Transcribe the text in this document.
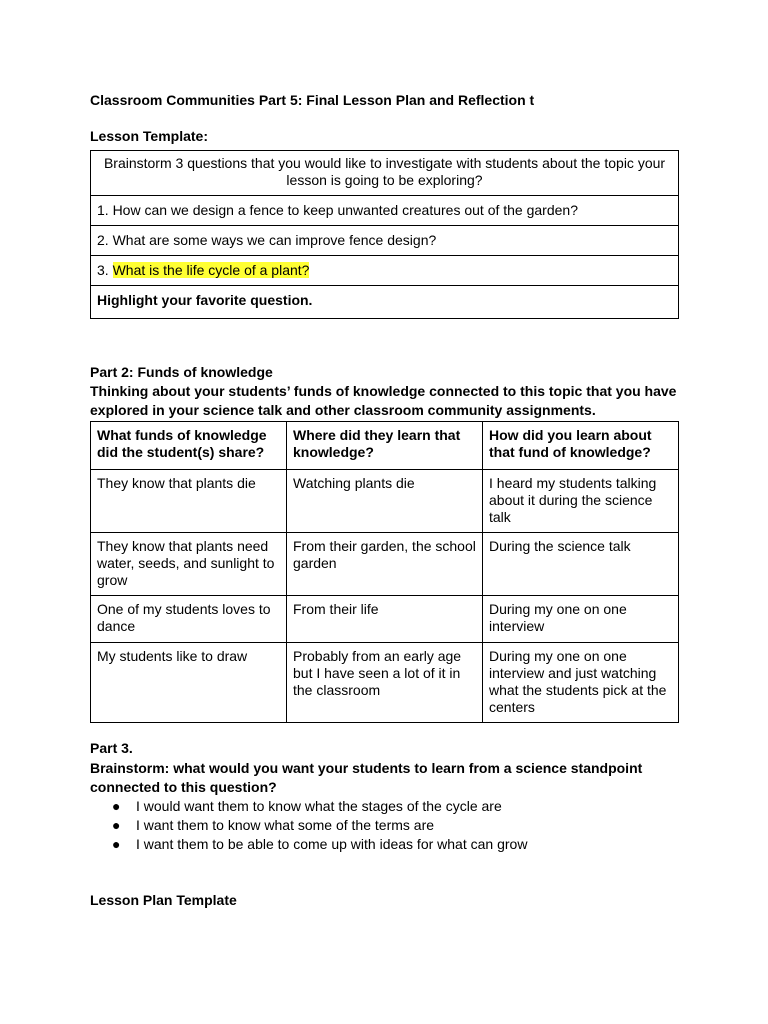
Classroom Communities Part 5: Final Lesson Plan and Reflection t
Lesson Template:
Brainstorm 3 questions that you would like to investigate with students about the topic your lesson is going to be exploring?
1. How can we design a fence to keep unwanted creatures out of the garden?
2. What are some ways we can improve fence design?
3. What is the life cycle of a plant?
Highlight your favorite question.
Part 2: Funds of knowledge
Thinking about your students’ funds of knowledge connected to this topic that you have explored in your science talk and other classroom community assignments.
What funds of knowledge did the student(s) share?	Where did they learn that knowledge?	How did you learn about that fund of knowledge?
They know that plants die	Watching plants die	I heard my students talking about it during the science talk
They know that plants need water, seeds, and sunlight to grow	From their garden, the school garden	During the science talk
One of my students loves to dance	From their life	During my one on one interview
My students like to draw	Probably from an early age but I have seen a lot of it in the classroom	During my one on one interview and just watching what the students pick at the centers
Part 3.
Brainstorm: what would you want your students to learn from a science standpoint connected to this question?
● I would want them to know what the stages of the cycle are
● I want them to know what some of the terms are
● I want them to be able to come up with ideas for what can grow
Lesson Plan Template
